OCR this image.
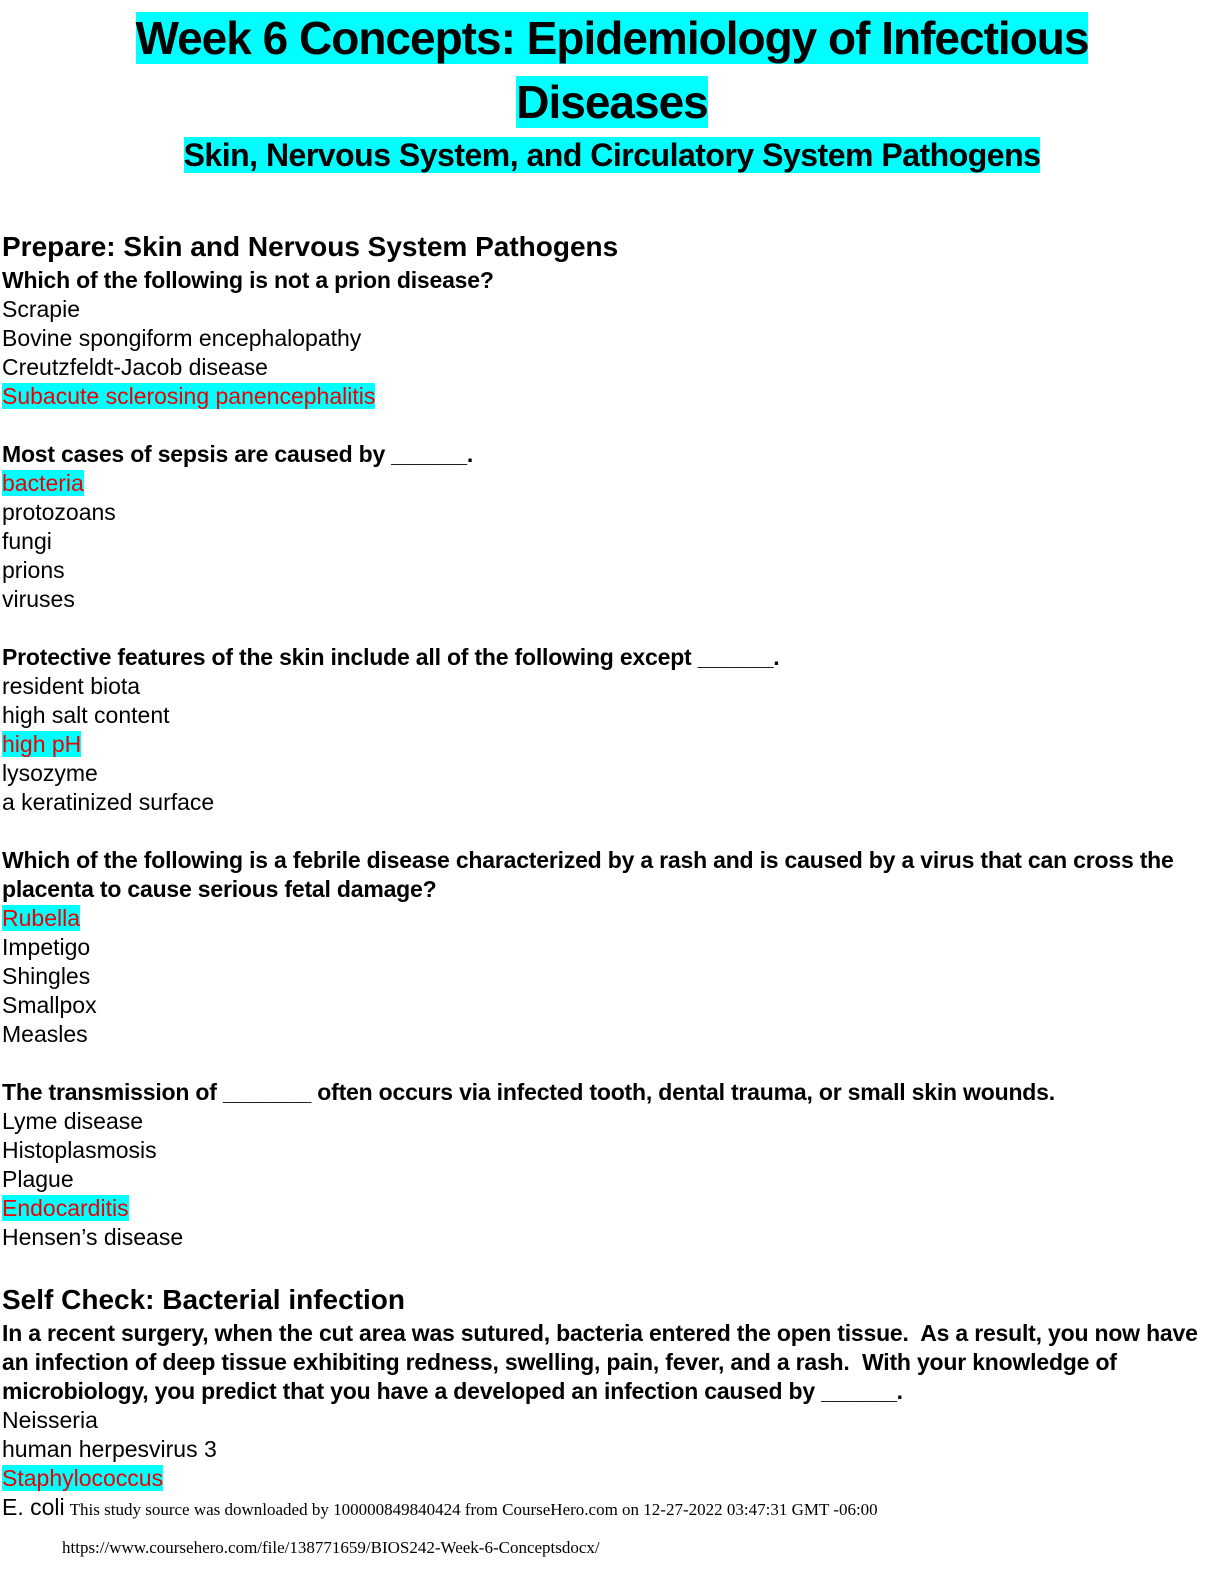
Week 6 Concepts: Epidemiology of Infectious
Diseases
Skin, Nervous System, and Circulatory System Pathogens
Prepare: Skin and Nervous System Pathogens
Which of the following is not a prion disease?
Scrapie
Bovine spongiform encephalopathy
Creutzfeldt-Jacob disease
Subacute sclerosing panencephalitis
Most cases of sepsis are caused by ______.
bacteria
protozoans
fungi
prions
viruses
Protective features of the skin include all of the following except ______.
resident biota
high salt content
high pH
lysozyme
a keratinized surface
Which of the following is a febrile disease characterized by a rash and is caused by a virus that can cross the placenta to cause serious fetal damage?
Rubella
Impetigo
Shingles
Smallpox
Measles
The transmission of _______ often occurs via infected tooth, dental trauma, or small skin wounds.
Lyme disease
Histoplasmosis
Plague
Endocarditis
Hensen’s disease
Self Check: Bacterial infection
In a recent surgery, when the cut area was sutured, bacteria entered the open tissue.  As a result, you now have an infection of deep tissue exhibiting redness, swelling, pain, fever, and a rash.  With your knowledge of microbiology, you predict that you have a developed an infection caused by ______.
Neisseria
human herpesvirus 3
Staphylococcus
E. coli This study source was downloaded by 100000849840424 from CourseHero.com on 12-27-2022 03:47:31 GMT -06:00
https://www.coursehero.com/file/138771659/BIOS242-Week-6-Conceptsdocx/
